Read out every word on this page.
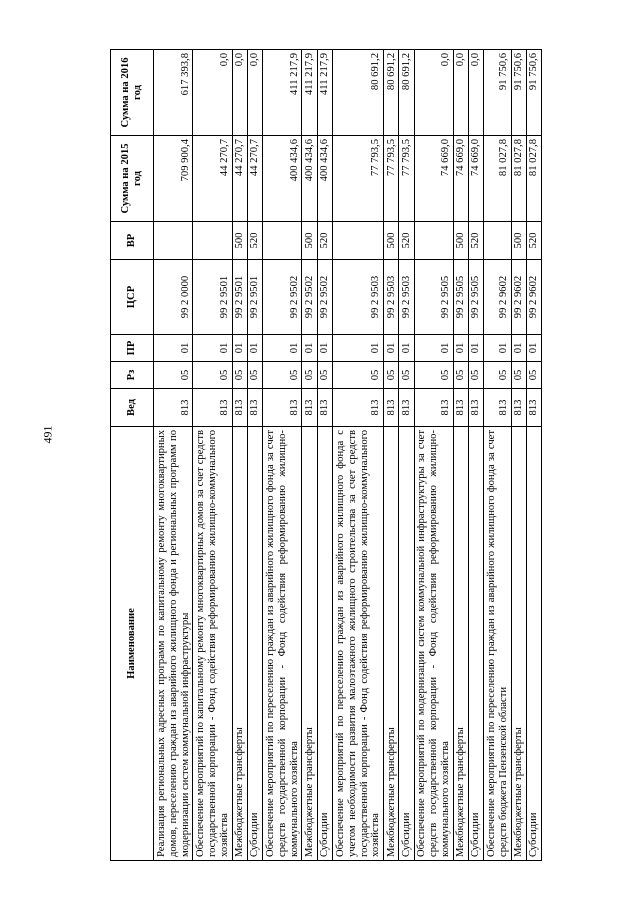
491
Наименование	Вед	Рз	ПР	ЦСР	ВР	Сумма на 2015 год	Сумма на 2016 год
Реализация региональных адресных программ по капитальному ремонту многоквартирных домов, переселению граждан из аварийного жилищного фонда и региональных программ по модернизации систем коммунальной инфраструктуры	813	05	01	99 2 0000		709 900,4	617 393,8
Обеспечение мероприятий по капитальному ремонту многоквартирных домов за счет средств государственной корпорации - Фонд содействия реформированию жилищно-коммунального хозяйства	813	05	01	99 2 9501		44 270,7	0,0
Межбюджетные трансферты	813	05	01	99 2 9501	500	44 270,7	0,0
Субсидии	813	05	01	99 2 9501	520	44 270,7	0,0
Обеспечение мероприятий по переселению граждан из аварийного жилищного фонда за счет средств государственной корпорации - Фонд содействия реформированию жилищно-коммунального хозяйства	813	05	01	99 2 9502		400 434,6	411 217,9
Межбюджетные трансферты	813	05	01	99 2 9502	500	400 434,6	411 217,9
Субсидии	813	05	01	99 2 9502	520	400 434,6	411 217,9
Обеспечение мероприятий по переселению граждан из аварийного жилищного фонда с учетом необходимости развития малоэтажного жилищного строительства за счет средств государственной корпорации - Фонд содействия реформированию жилищно-коммунального хозяйства	813	05	01	99 2 9503		77 793,5	80 691,2
Межбюджетные трансферты	813	05	01	99 2 9503	500	77 793,5	80 691,2
Субсидии	813	05	01	99 2 9503	520	77 793,5	80 691,2
Обеспечение мероприятий по модернизации систем коммунальной инфраструктуры за счет средств государственной корпорации - Фонд содействия реформированию жилищно-коммунального хозяйства	813	05	01	99 2 9505		74 669,0	0,0
Межбюджетные трансферты	813	05	01	99 2 9505	500	74 669,0	0,0
Субсидии	813	05	01	99 2 9505	520	74 669,0	0,0
Обеспечение мероприятий по переселению граждан из аварийного жилищного фонда за счет средств бюджета Пензенской области	813	05	01	99 2 9602		81 027,8	91 750,6
Межбюджетные трансферты	813	05	01	99 2 9602	500	81 027,8	91 750,6
Субсидии	813	05	01	99 2 9602	520	81 027,8	91 750,6
